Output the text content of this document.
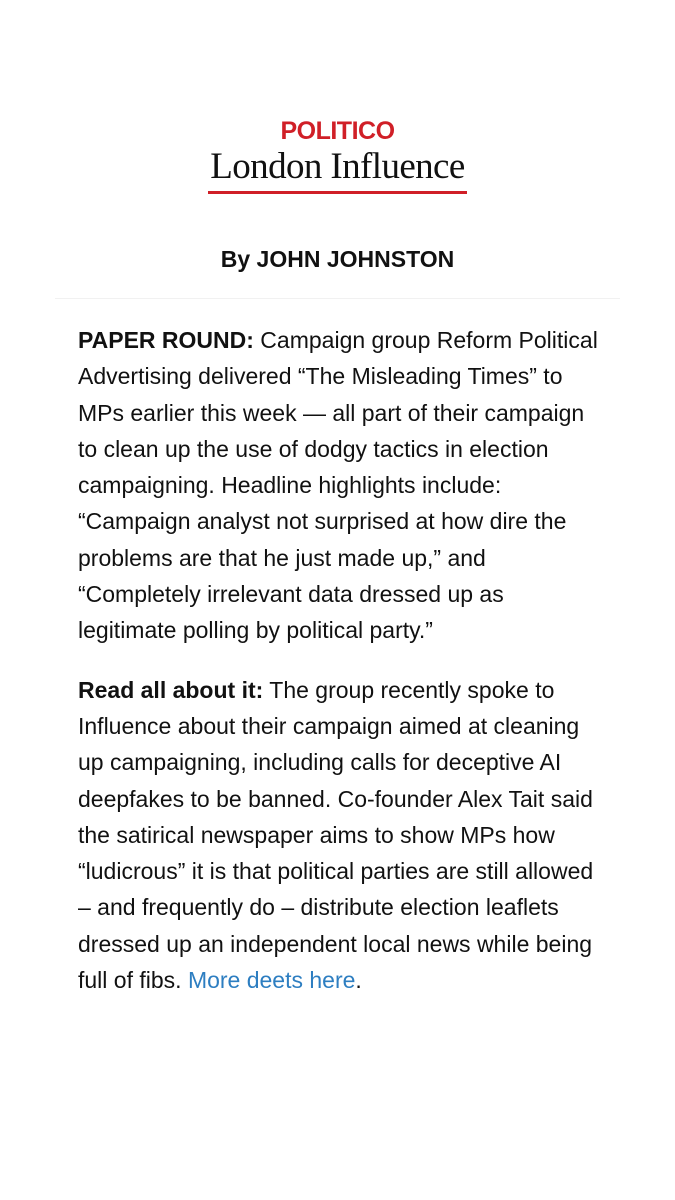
POLITICO
London Influence
By JOHN JOHNSTON

PAPER ROUND: Campaign group Reform Political Advertising delivered “The Misleading Times” to MPs earlier this week — all part of their campaign to clean up the use of dodgy tactics in election campaigning. Headline highlights include: “Campaign analyst not surprised at how dire the problems are that he just made up,” and “Completely irrelevant data dressed up as legitimate polling by political party.”

Read all about it: The group recently spoke to Influence about their campaign aimed at cleaning up campaigning, including calls for deceptive AI deepfakes to be banned. Co-founder Alex Tait said the satirical newspaper aims to show MPs how “ludicrous” it is that political parties are still allowed – and frequently do – distribute election leaflets dressed up an independent local news while being full of fibs. More deets here.
